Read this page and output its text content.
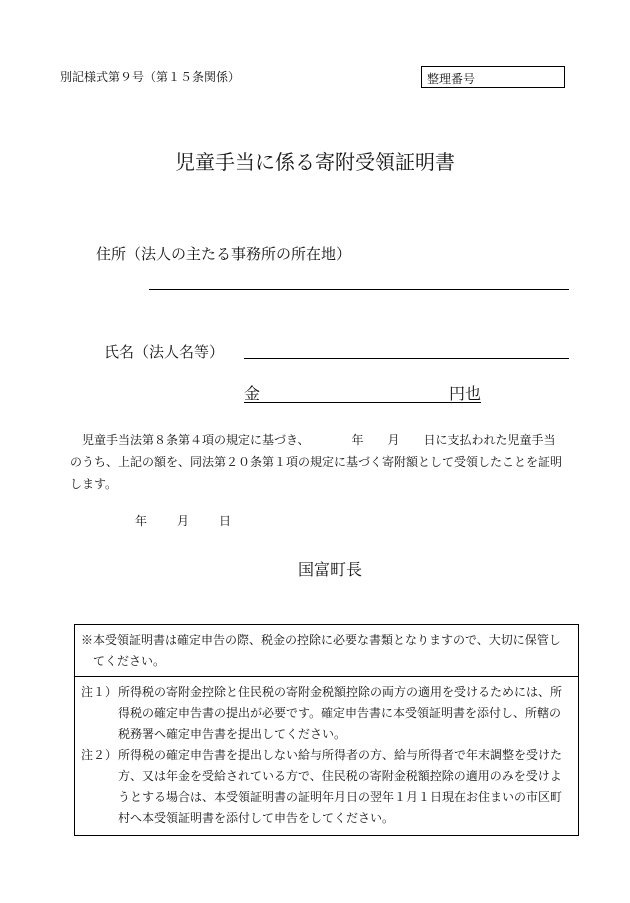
別記様式第９号（第１５条関係）	整理番号
児童手当に係る寄附受領証明書
住所（法人の主たる事務所の所在地）
氏名（法人名等）
金	円也

　児童手当法第８条第４項の規定に基づき、　　　　年　　月　　日に支払われた児童手当

のうち、上記の額を、同法第２０条第１項の規定に基づく寄附額として受領したことを証明

します。

年	月	日
国富町長
※本受領証明書は確定申告の際、税金の控除に必要な書類となりますので、大切に保管し
てください。
注１） 所得税の寄附金控除と住民税の寄附金税額控除の両方の適用を受けるためには、所
得税の確定申告書の提出が必要です。確定申告書に本受領証明書を添付し、所轄の
税務署へ確定申告書を提出してください。
注２） 所得税の確定申告書を提出しない給与所得者の方、給与所得者で年末調整を受けた
方、又は年金を受給されている方で、住民税の寄附金税額控除の適用のみを受けよ
うとする場合は、本受領証明書の証明年月日の翌年１月１日現在お住まいの市区町
村へ本受領証明書を添付して申告をしてください。
